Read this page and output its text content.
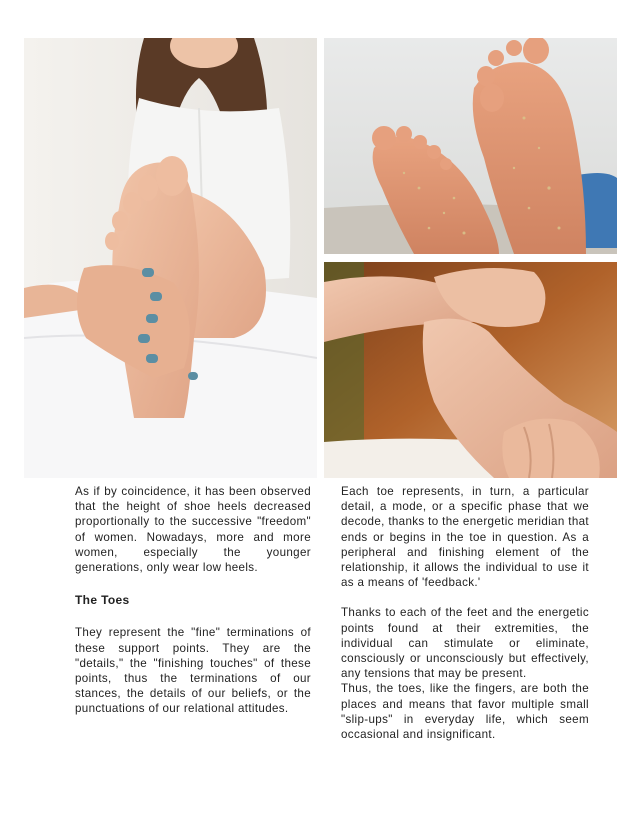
As if by coincidence, it has been observed that the height of shoe heels decreased proportionally to the successive "freedom" of women. Nowadays, more and more women, especially the younger generations, only wear low heels.

The Toes

They represent the "fine" terminations of these support points. They are the "details," the "finishing touches" of these points, thus the terminations of our stances, the details of our beliefs, or the punctuations of our relational attitudes.

Each toe represents, in turn, a particular detail, a mode, or a specific phase that we decode, thanks to the energetic meridian that ends or begins in the toe in question. As a peripheral and finishing element of the relationship, it allows the individual to use it as a means of 'feedback.'

Thanks to each of the feet and the energetic points found at their extremities, the individual can stimulate or eliminate, consciously or unconsciously but effectively, any tensions that may be present.

Thus, the toes, like the fingers, are both the places and means that favor multiple small "slip-ups" in everyday life, which seem occasional and insignificant.
